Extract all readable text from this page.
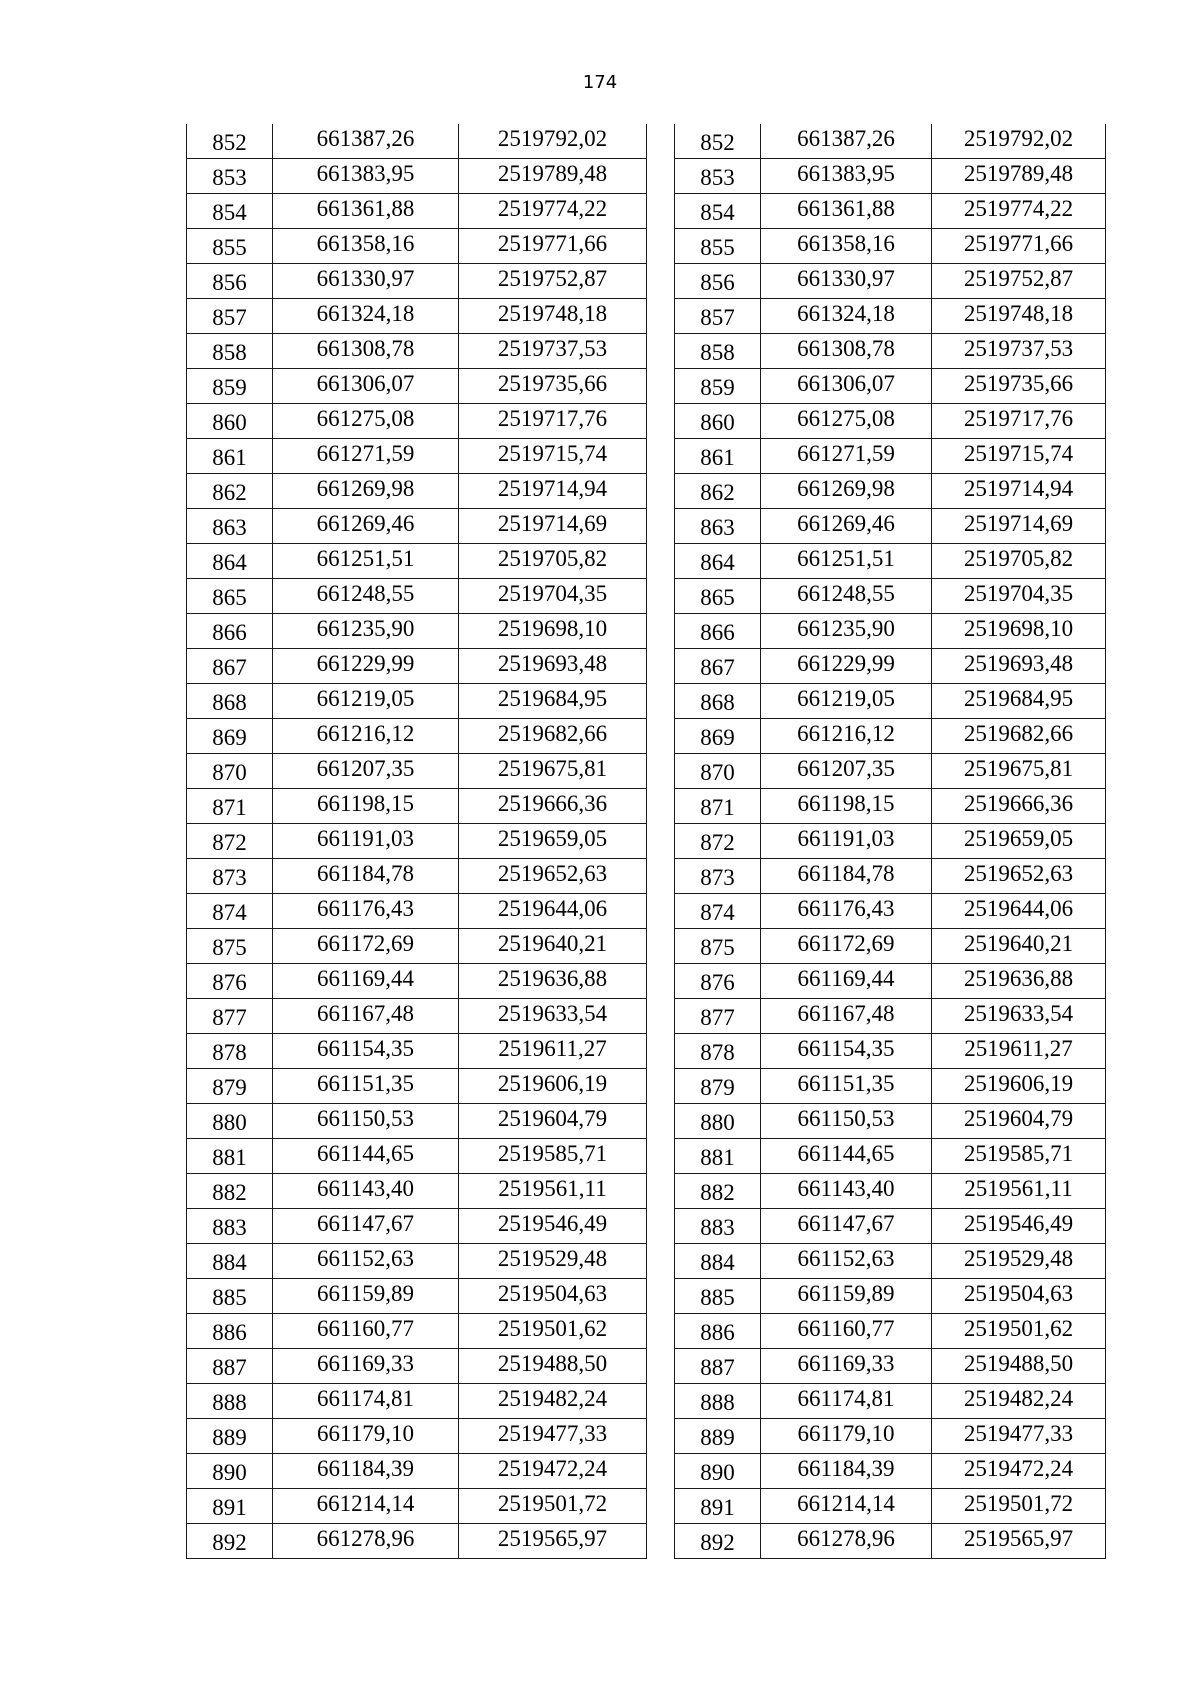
174
852	661387,26	2519792,02
853	661383,95	2519789,48
854	661361,88	2519774,22
855	661358,16	2519771,66
856	661330,97	2519752,87
857	661324,18	2519748,18
858	661308,78	2519737,53
859	661306,07	2519735,66
860	661275,08	2519717,76
861	661271,59	2519715,74
862	661269,98	2519714,94
863	661269,46	2519714,69
864	661251,51	2519705,82
865	661248,55	2519704,35
866	661235,90	2519698,10
867	661229,99	2519693,48
868	661219,05	2519684,95
869	661216,12	2519682,66
870	661207,35	2519675,81
871	661198,15	2519666,36
872	661191,03	2519659,05
873	661184,78	2519652,63
874	661176,43	2519644,06
875	661172,69	2519640,21
876	661169,44	2519636,88
877	661167,48	2519633,54
878	661154,35	2519611,27
879	661151,35	2519606,19
880	661150,53	2519604,79
881	661144,65	2519585,71
882	661143,40	2519561,11
883	661147,67	2519546,49
884	661152,63	2519529,48
885	661159,89	2519504,63
886	661160,77	2519501,62
887	661169,33	2519488,50
888	661174,81	2519482,24
889	661179,10	2519477,33
890	661184,39	2519472,24
891	661214,14	2519501,72
892	661278,96	2519565,97
852	661387,26	2519792,02
853	661383,95	2519789,48
854	661361,88	2519774,22
855	661358,16	2519771,66
856	661330,97	2519752,87
857	661324,18	2519748,18
858	661308,78	2519737,53
859	661306,07	2519735,66
860	661275,08	2519717,76
861	661271,59	2519715,74
862	661269,98	2519714,94
863	661269,46	2519714,69
864	661251,51	2519705,82
865	661248,55	2519704,35
866	661235,90	2519698,10
867	661229,99	2519693,48
868	661219,05	2519684,95
869	661216,12	2519682,66
870	661207,35	2519675,81
871	661198,15	2519666,36
872	661191,03	2519659,05
873	661184,78	2519652,63
874	661176,43	2519644,06
875	661172,69	2519640,21
876	661169,44	2519636,88
877	661167,48	2519633,54
878	661154,35	2519611,27
879	661151,35	2519606,19
880	661150,53	2519604,79
881	661144,65	2519585,71
882	661143,40	2519561,11
883	661147,67	2519546,49
884	661152,63	2519529,48
885	661159,89	2519504,63
886	661160,77	2519501,62
887	661169,33	2519488,50
888	661174,81	2519482,24
889	661179,10	2519477,33
890	661184,39	2519472,24
891	661214,14	2519501,72
892	661278,96	2519565,97
